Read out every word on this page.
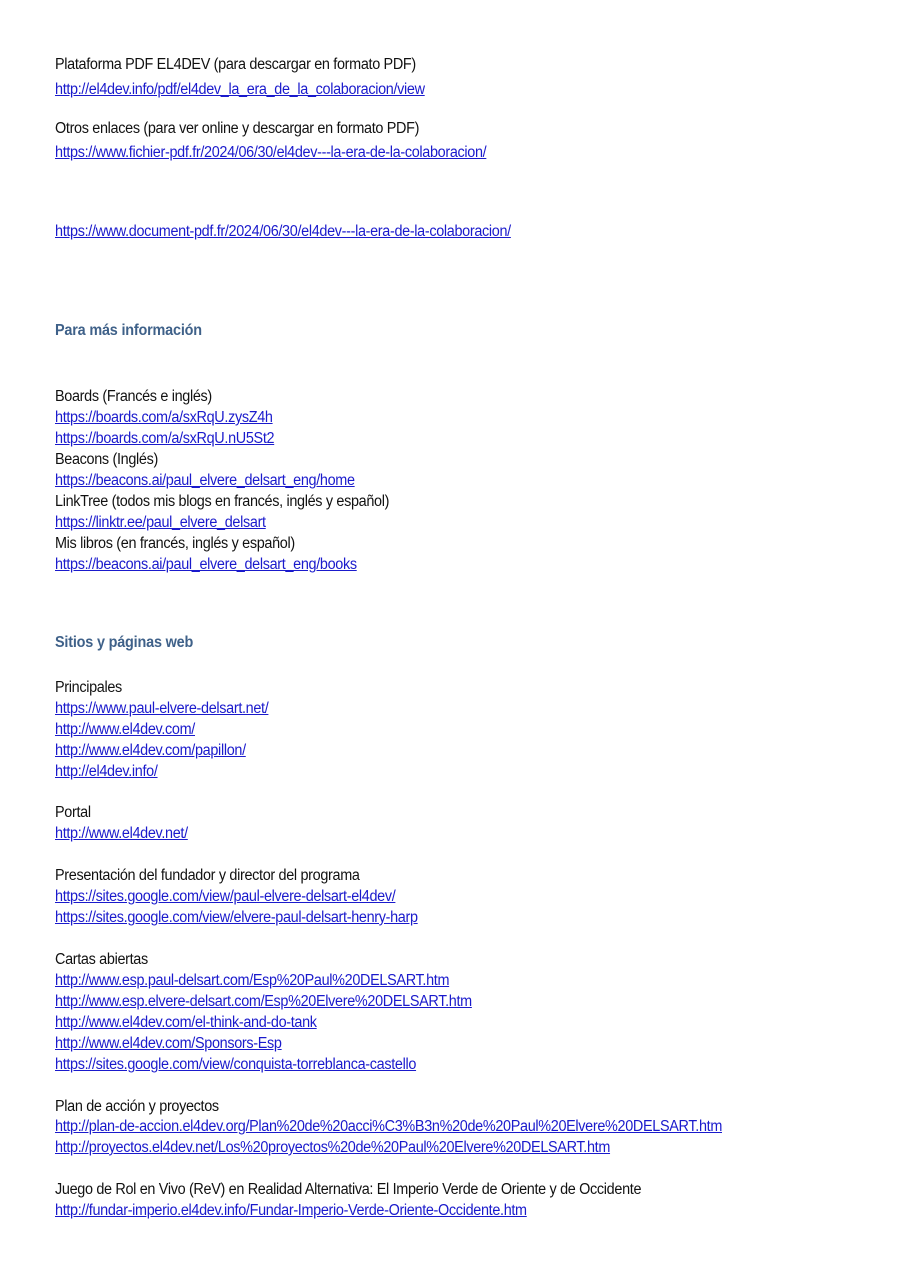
Plataforma PDF EL4DEV (para descargar en formato PDF)
http://el4dev.info/pdf/el4dev_la_era_de_la_colaboracion/view
Otros enlaces (para ver online y descargar en formato PDF)
https://www.fichier-pdf.fr/2024/06/30/el4dev---la-era-de-la-colaboracion/
https://www.document-pdf.fr/2024/06/30/el4dev---la-era-de-la-colaboracion/
Para más información
Boards (Francés e inglés)
https://boards.com/a/sxRqU.zysZ4h
https://boards.com/a/sxRqU.nU5St2
Beacons (Inglés)
https://beacons.ai/paul_elvere_delsart_eng/home
LinkTree (todos mis blogs en francés, inglés y español)
https://linktr.ee/paul_elvere_delsart
Mis libros (en francés, inglés y español)
https://beacons.ai/paul_elvere_delsart_eng/books
Sitios y páginas web
Principales
https://www.paul-elvere-delsart.net/
http://www.el4dev.com/
http://www.el4dev.com/papillon/
http://el4dev.info/
Portal
http://www.el4dev.net/
Presentación del fundador y director del programa
https://sites.google.com/view/paul-elvere-delsart-el4dev/
https://sites.google.com/view/elvere-paul-delsart-henry-harp
Cartas abiertas
http://www.esp.paul-delsart.com/Esp%20Paul%20DELSART.htm
http://www.esp.elvere-delsart.com/Esp%20Elvere%20DELSART.htm
http://www.el4dev.com/el-think-and-do-tank
http://www.el4dev.com/Sponsors-Esp
https://sites.google.com/view/conquista-torreblanca-castello
Plan de acción y proyectos
http://plan-de-accion.el4dev.org/Plan%20de%20acci%C3%B3n%20de%20Paul%20Elvere%20DELSART.htm
http://proyectos.el4dev.net/Los%20proyectos%20de%20Paul%20Elvere%20DELSART.htm
Juego de Rol en Vivo (ReV) en Realidad Alternativa: El Imperio Verde de Oriente y de Occidente
http://fundar-imperio.el4dev.info/Fundar-Imperio-Verde-Oriente-Occidente.htm
